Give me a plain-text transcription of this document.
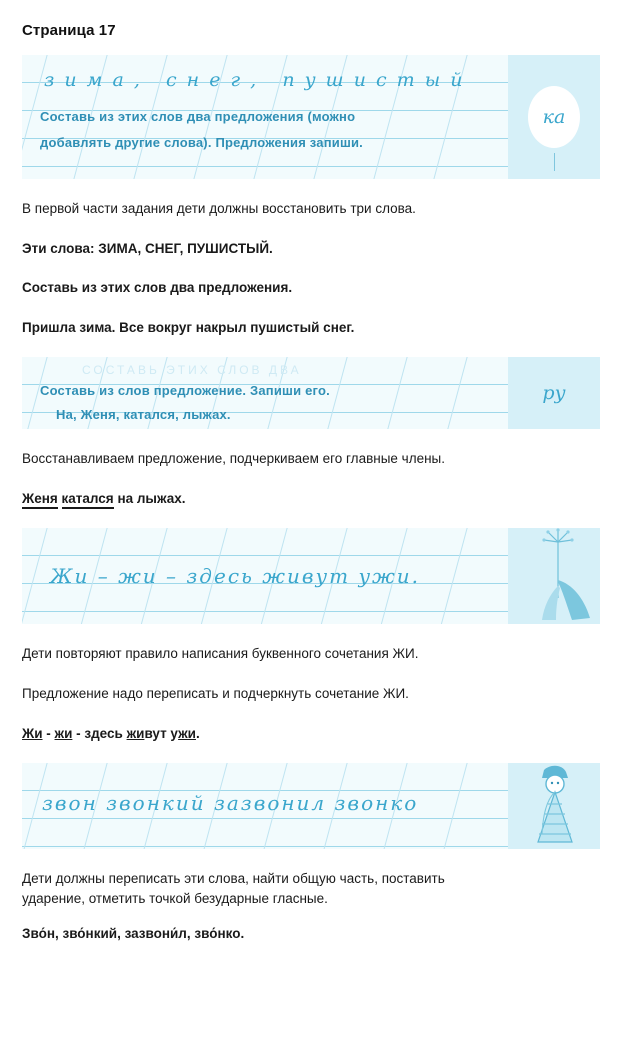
Страница 17
з и м а ,   с н е г ,   п у ш и с т ы й
Составь из этих слов два предложения (можно
добавлять другие слова). Предложения запиши.
ка
В первой части задания дети должны восстановить три слова.
Эти слова: ЗИМА, СНЕГ, ПУШИСТЫЙ.
Составь из этих слов два предложения.
Пришла зима. Все вокруг накрыл пушистый снег.
СОСТАВЬ ЭТИХ СЛОВ ДВА
Составь из слов предложение. Запиши его.
На, Женя, катался, лыжах.
ру
Восстанавливаем предложение, подчеркиваем его главные члены.
Женя катался на лыжах.
Жи – жи – здесь живут ужи.
Дети повторяют правило написания буквенного сочетания ЖИ.
Предложение надо переписать и подчеркнуть сочетание ЖИ.
Жи - жи - здесь живут ужи.
звон звонкий зазвонил звонко
Дети должны переписать эти слова, найти общую часть, поставить
ударение, отметить точкой безударные гласные.
Зво́н, зво́нкий, зазвони́л, зво́нко.
